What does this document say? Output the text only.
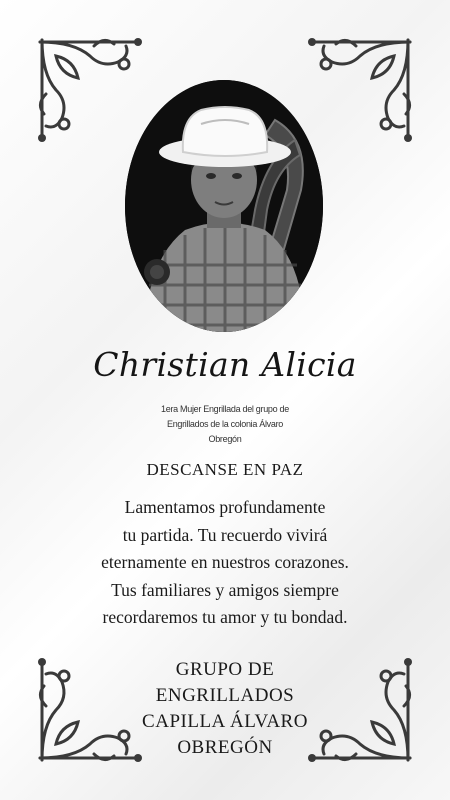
Christian Alicia
1era Mujer Engrillada del grupo de
Engrillados de la colonia Álvaro
Obregón
DESCANSE EN PAZ
Lamentamos profundamente
tu partida. Tu recuerdo vivirá
eternamente en nuestros corazones.
Tus familiares y amigos siempre
recordaremos tu amor y tu bondad.
GRUPO DE
ENGRILLADOS
CAPILLA ÁLVARO
OBREGÓN
